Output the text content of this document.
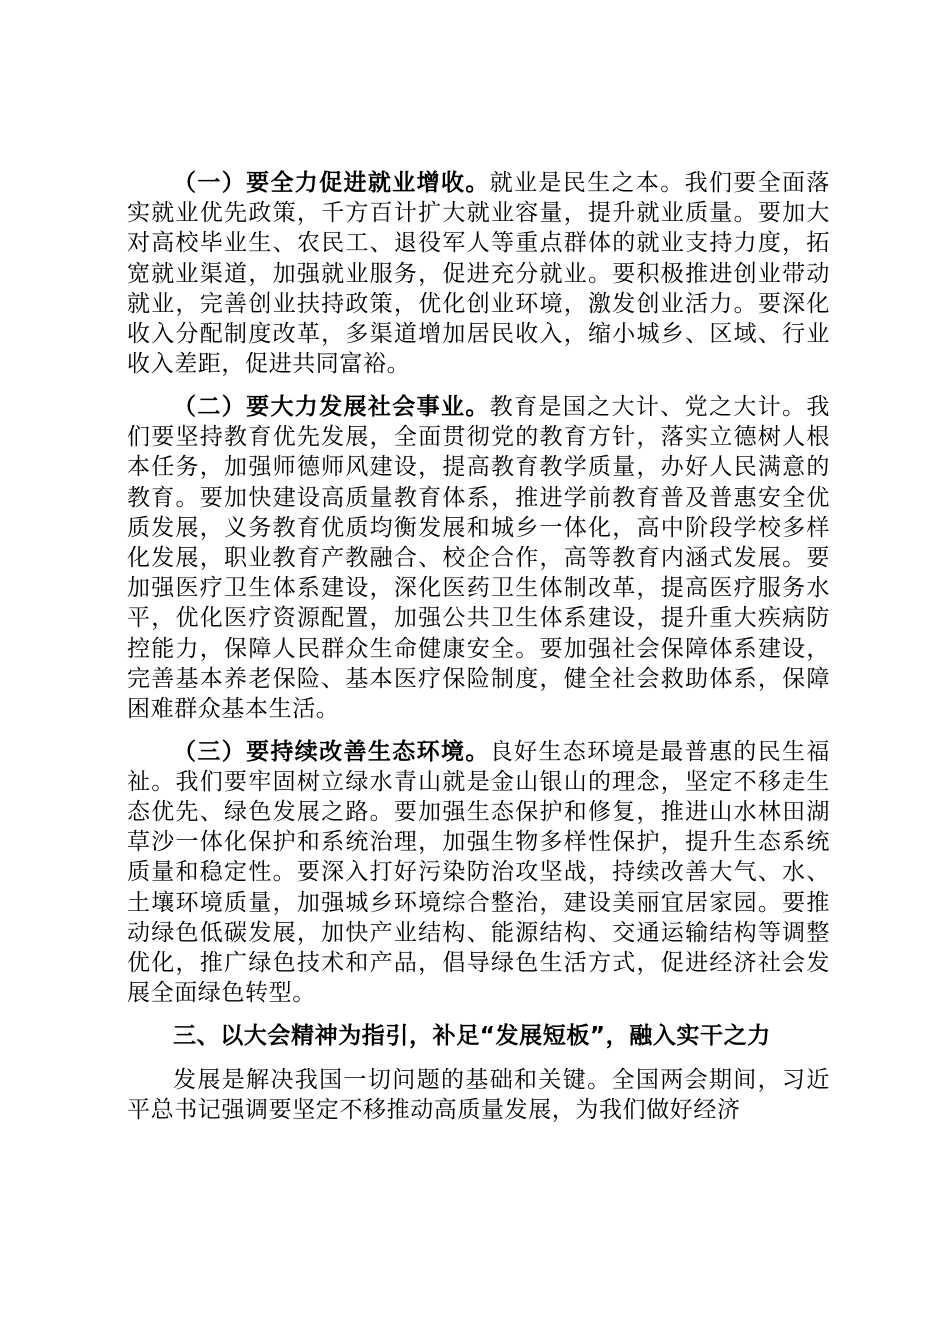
（一）要全力促进就业增收。就业是民生之本。我们要全面落实就业优先政策，千方百计扩大就业容量，提升就业质量。要加大对高校毕业生、农民工、退役军人等重点群体的就业支持力度，拓宽就业渠道，加强就业服务，促进充分就业。要积极推进创业带动就业，完善创业扶持政策，优化创业环境，激发创业活力。要深化收入分配制度改革，多渠道增加居民收入，缩小城乡、区域、行业收入差距，促进共同富裕。

（二）要大力发展社会事业。教育是国之大计、党之大计。我们要坚持教育优先发展，全面贯彻党的教育方针，落实立德树人根本任务，加强师德师风建设，提高教育教学质量，办好人民满意的教育。要加快建设高质量教育体系，推进学前教育普及普惠安全优质发展，义务教育优质均衡发展和城乡一体化，高中阶段学校多样化发展，职业教育产教融合、校企合作，高等教育内涵式发展。要加强医疗卫生体系建设，深化医药卫生体制改革，提高医疗服务水平，优化医疗资源配置，加强公共卫生体系建设，提升重大疾病防控能力，保障人民群众生命健康安全。要加强社会保障体系建设，完善基本养老保险、基本医疗保险制度，健全社会救助体系，保障困难群众基本生活。

（三）要持续改善生态环境。良好生态环境是最普惠的民生福祉。我们要牢固树立绿水青山就是金山银山的理念，坚定不移走生态优先、绿色发展之路。要加强生态保护和修复，推进山水林田湖草沙一体化保护和系统治理，加强生物多样性保护，提升生态系统质量和稳定性。要深入打好污染防治攻坚战，持续改善大气、水、土壤环境质量，加强城乡环境综合整治，建设美丽宜居家园。要推动绿色低碳发展，加快产业结构、能源结构、交通运输结构等调整优化，推广绿色技术和产品，倡导绿色生活方式，促进经济社会发展全面绿色转型。

三、以大会精神为指引，补足“发展短板”，融入实干之力

发展是解决我国一切问题的基础和关键。全国两会期间，习近平总书记强调要坚定不移推动高质量发展，为我们做好经济
